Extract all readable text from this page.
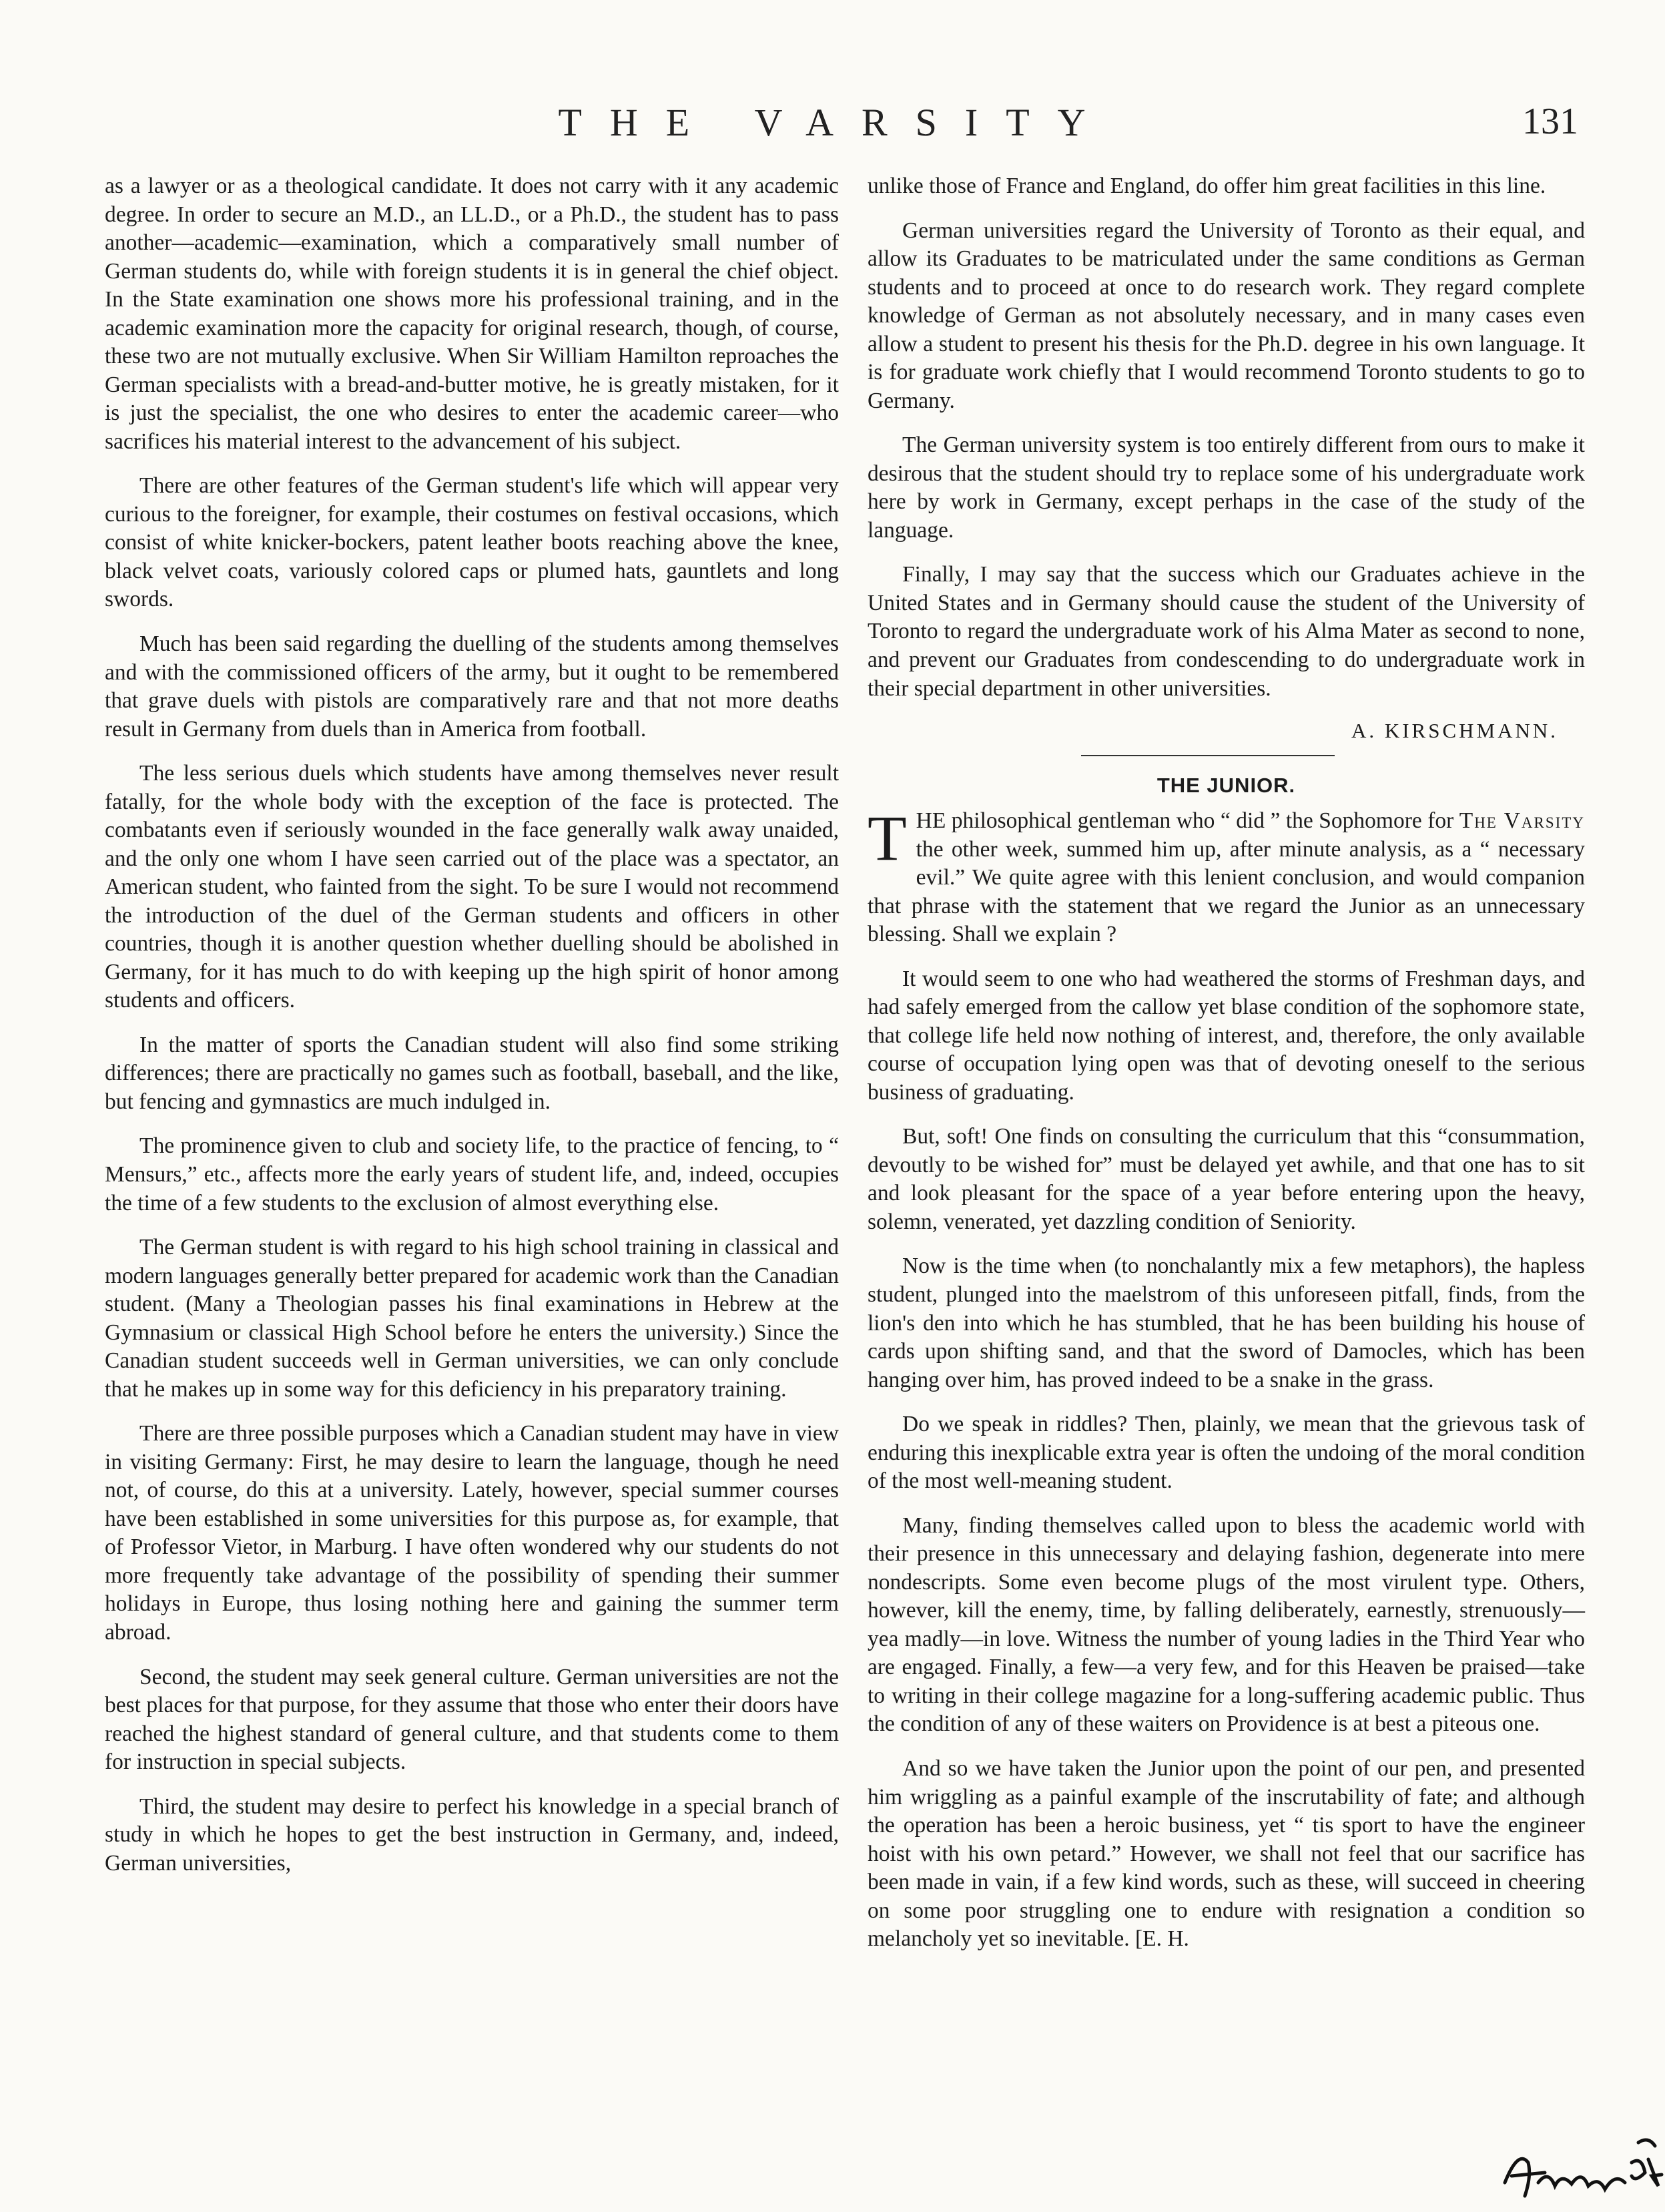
THE VARSITY	131

as a lawyer or as a theological candidate. It does not carry with it any academic degree. In order to secure an M.D., an LL.D., or a Ph.D., the student has to pass another—academic—examination, which a comparatively small number of German students do, while with foreign students it is in general the chief object. In the State examination one shows more his professional training, and in the academic examination more the capacity for original research, though, of course, these two are not mutually exclusive. When Sir William Hamilton reproaches the German specialists with a bread-and-butter motive, he is greatly mistaken, for it is just the specialist, the one who desires to enter the academic career—who sacrifices his material interest to the advancement of his subject.

There are other features of the German student's life which will appear very curious to the foreigner, for example, their costumes on festival occasions, which consist of white knicker-bockers, patent leather boots reaching above the knee, black velvet coats, variously colored caps or plumed hats, gauntlets and long swords.

Much has been said regarding the duelling of the students among themselves and with the commissioned officers of the army, but it ought to be remembered that grave duels with pistols are comparatively rare and that not more deaths result in Germany from duels than in America from football.

The less serious duels which students have among themselves never result fatally, for the whole body with the exception of the face is protected. The combatants even if seriously wounded in the face generally walk away unaided, and the only one whom I have seen carried out of the place was a spectator, an American student, who fainted from the sight. To be sure I would not recommend the introduction of the duel of the German students and officers in other countries, though it is another question whether duelling should be abolished in Germany, for it has much to do with keeping up the high spirit of honor among students and officers.

In the matter of sports the Canadian student will also find some striking differences; there are practically no games such as football, baseball, and the like, but fencing and gymnastics are much indulged in.

The prominence given to club and society life, to the practice of fencing, to “ Mensurs,” etc., affects more the early years of student life, and, indeed, occupies the time of a few students to the exclusion of almost everything else.

The German student is with regard to his high school training in classical and modern languages generally better prepared for academic work than the Canadian student. (Many a Theologian passes his final examinations in Hebrew at the Gymnasium or classical High School before he enters the university.) Since the Canadian student succeeds well in German universities, we can only conclude that he makes up in some way for this deficiency in his preparatory training.

There are three possible purposes which a Canadian student may have in view in visiting Germany: First, he may desire to learn the language, though he need not, of course, do this at a university. Lately, however, special summer courses have been established in some universities for this purpose as, for example, that of Professor Vietor, in Marburg. I have often wondered why our students do not more frequently take advantage of the possibility of spending their summer holidays in Europe, thus losing nothing here and gaining the summer term abroad.

Second, the student may seek general culture. German universities are not the best places for that purpose, for they assume that those who enter their doors have reached the highest standard of general culture, and that students come to them for instruction in special subjects.

Third, the student may desire to perfect his knowledge in a special branch of study in which he hopes to get the best instruction in Germany, and, indeed, German universities,

unlike those of France and England, do offer him great facilities in this line.

German universities regard the University of Toronto as their equal, and allow its Graduates to be matriculated under the same conditions as German students and to proceed at once to do research work. They regard complete knowledge of German as not absolutely necessary, and in many cases even allow a student to present his thesis for the Ph.D. degree in his own language. It is for graduate work chiefly that I would recommend Toronto students to go to Germany.

The German university system is too entirely different from ours to make it desirous that the student should try to replace some of his undergraduate work here by work in Germany, except perhaps in the case of the study of the language.

Finally, I may say that the success which our Graduates achieve in the United States and in Germany should cause the student of the University of Toronto to regard the undergraduate work of his Alma Mater as second to none, and prevent our Graduates from condescending to do undergraduate work in their special department in other universities.

A. KIRSCHMANN.
THE JUNIOR.

THE philosophical gentleman who “ did ” the Sophomore for The Varsity the other week, summed him up, after minute analysis, as a “ necessary evil.” We quite agree with this lenient conclusion, and would companion that phrase with the statement that we regard the Junior as an unnecessary blessing. Shall we explain ?

It would seem to one who had weathered the storms of Freshman days, and had safely emerged from the callow yet blase condition of the sophomore state, that college life held now nothing of interest, and, therefore, the only available course of occupation lying open was that of devoting oneself to the serious business of graduating.

But, soft! One finds on consulting the curriculum that this “consummation, devoutly to be wished for” must be delayed yet awhile, and that one has to sit and look pleasant for the space of a year before entering upon the heavy, solemn, venerated, yet dazzling condition of Seniority.

Now is the time when (to nonchalantly mix a few metaphors), the hapless student, plunged into the maelstrom of this unforeseen pitfall, finds, from the lion's den into which he has stumbled, that he has been building his house of cards upon shifting sand, and that the sword of Damocles, which has been hanging over him, has proved indeed to be a snake in the grass.

Do we speak in riddles? Then, plainly, we mean that the grievous task of enduring this inexplicable extra year is often the undoing of the moral condition of the most well-meaning student.

Many, finding themselves called upon to bless the academic world with their presence in this unnecessary and delaying fashion, degenerate into mere nondescripts. Some even become plugs of the most virulent type. Others, however, kill the enemy, time, by falling deliberately, earnestly, strenuously—yea madly—in love. Witness the number of young ladies in the Third Year who are engaged. Finally, a few—a very few, and for this Heaven be praised—take to writing in their college magazine for a long-suffering academic public. Thus the condition of any of these waiters on Providence is at best a piteous one.

And so we have taken the Junior upon the point of our pen, and presented him wriggling as a painful example of the inscrutability of fate; and although the operation has been a heroic business, yet “ tis sport to have the engineer hoist with his own petard.” However, we shall not feel that our sacrifice has been made in vain, if a few kind words, such as these, will succeed in cheering on some poor struggling one to endure with resignation a condition so melancholy yet so inevitable. [E. H.
